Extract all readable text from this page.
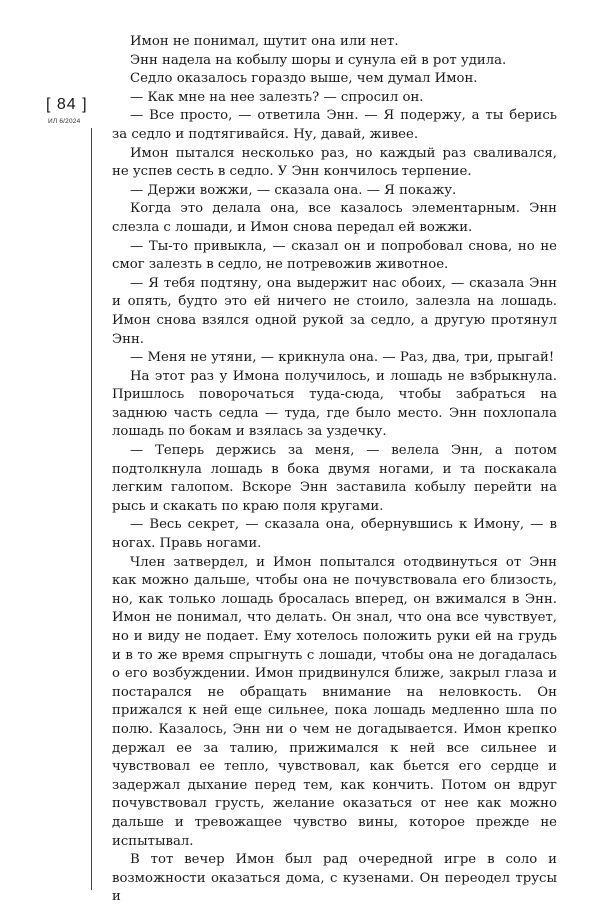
[ 84 ]
ИЛ 6/2024

Имон не понимал, шутит она или нет.

Энн надела на кобылу шоры и сунула ей в рот удила.

Седло оказалось гораздо выше, чем думал Имон.

— Как мне на нее залезть? — спросил он.

— Все просто, — ответила Энн. — Я подержу, а ты берись за седло и подтягивайся. Ну, давай, живее.

Имон пытался несколько раз, но каждый раз сваливался, не успев сесть в седло. У Энн кончилось терпение.

— Держи вожжи, — сказала она. — Я покажу.

Когда это делала она, все казалось элементарным. Энн слезла с лошади, и Имон снова передал ей вожжи.

— Ты-то привыкла, — сказал он и попробовал снова, но не смог залезть в седло, не потревожив животное.

— Я тебя подтяну, она выдержит нас обоих, — сказала Энн и опять, будто это ей ничего не стоило, залезла на лошадь. Имон снова взялся одной рукой за седло, а другую протянул Энн.

— Меня не утяни, — крикнула она. — Раз, два, три, прыгай!

На этот раз у Имона получилось, и лошадь не взбрыкнула. Пришлось поворочаться туда-сюда, чтобы забраться на заднюю часть седла — туда, где было место. Энн похлопала лошадь по бокам и взялась за уздечку.

— Теперь держись за меня, — велела Энн, а потом подтолкнула лошадь в бока двумя ногами, и та поскакала легким галопом. Вскоре Энн заставила кобылу перейти на рысь и скакать по краю поля кругами.

— Весь секрет, — сказала она, обернувшись к Имону, — в ногах. Правь ногами.

Член затвердел, и Имон попытался отодвинуться от Энн как можно дальше, чтобы она не почувствовала его близость, но, как только лошадь бросалась вперед, он вжимался в Энн. Имон не понимал, что делать. Он знал, что она все чувствует, но и виду не подает. Ему хотелось положить руки ей на грудь и в то же время спрыгнуть с лошади, чтобы она не догадалась о его возбуждении. Имон придвинулся ближе, закрыл глаза и постарался не обращать внимание на неловкость. Он прижался к ней еще сильнее, пока лошадь медленно шла по полю. Казалось, Энн ни о чем не догадывается. Имон крепко держал ее за талию, прижимался к ней все сильнее и чувствовал ее тепло, чувствовал, как бьется его сердце и задержал дыхание перед тем, как кончить. Потом он вдруг почувствовал грусть, желание оказаться от нее как можно дальше и тревожащее чувство вины, которое прежде не испытывал.

В тот вечер Имон был рад очередной игре в соло и возможности оказаться дома, с кузенами. Он переодел трусы и
